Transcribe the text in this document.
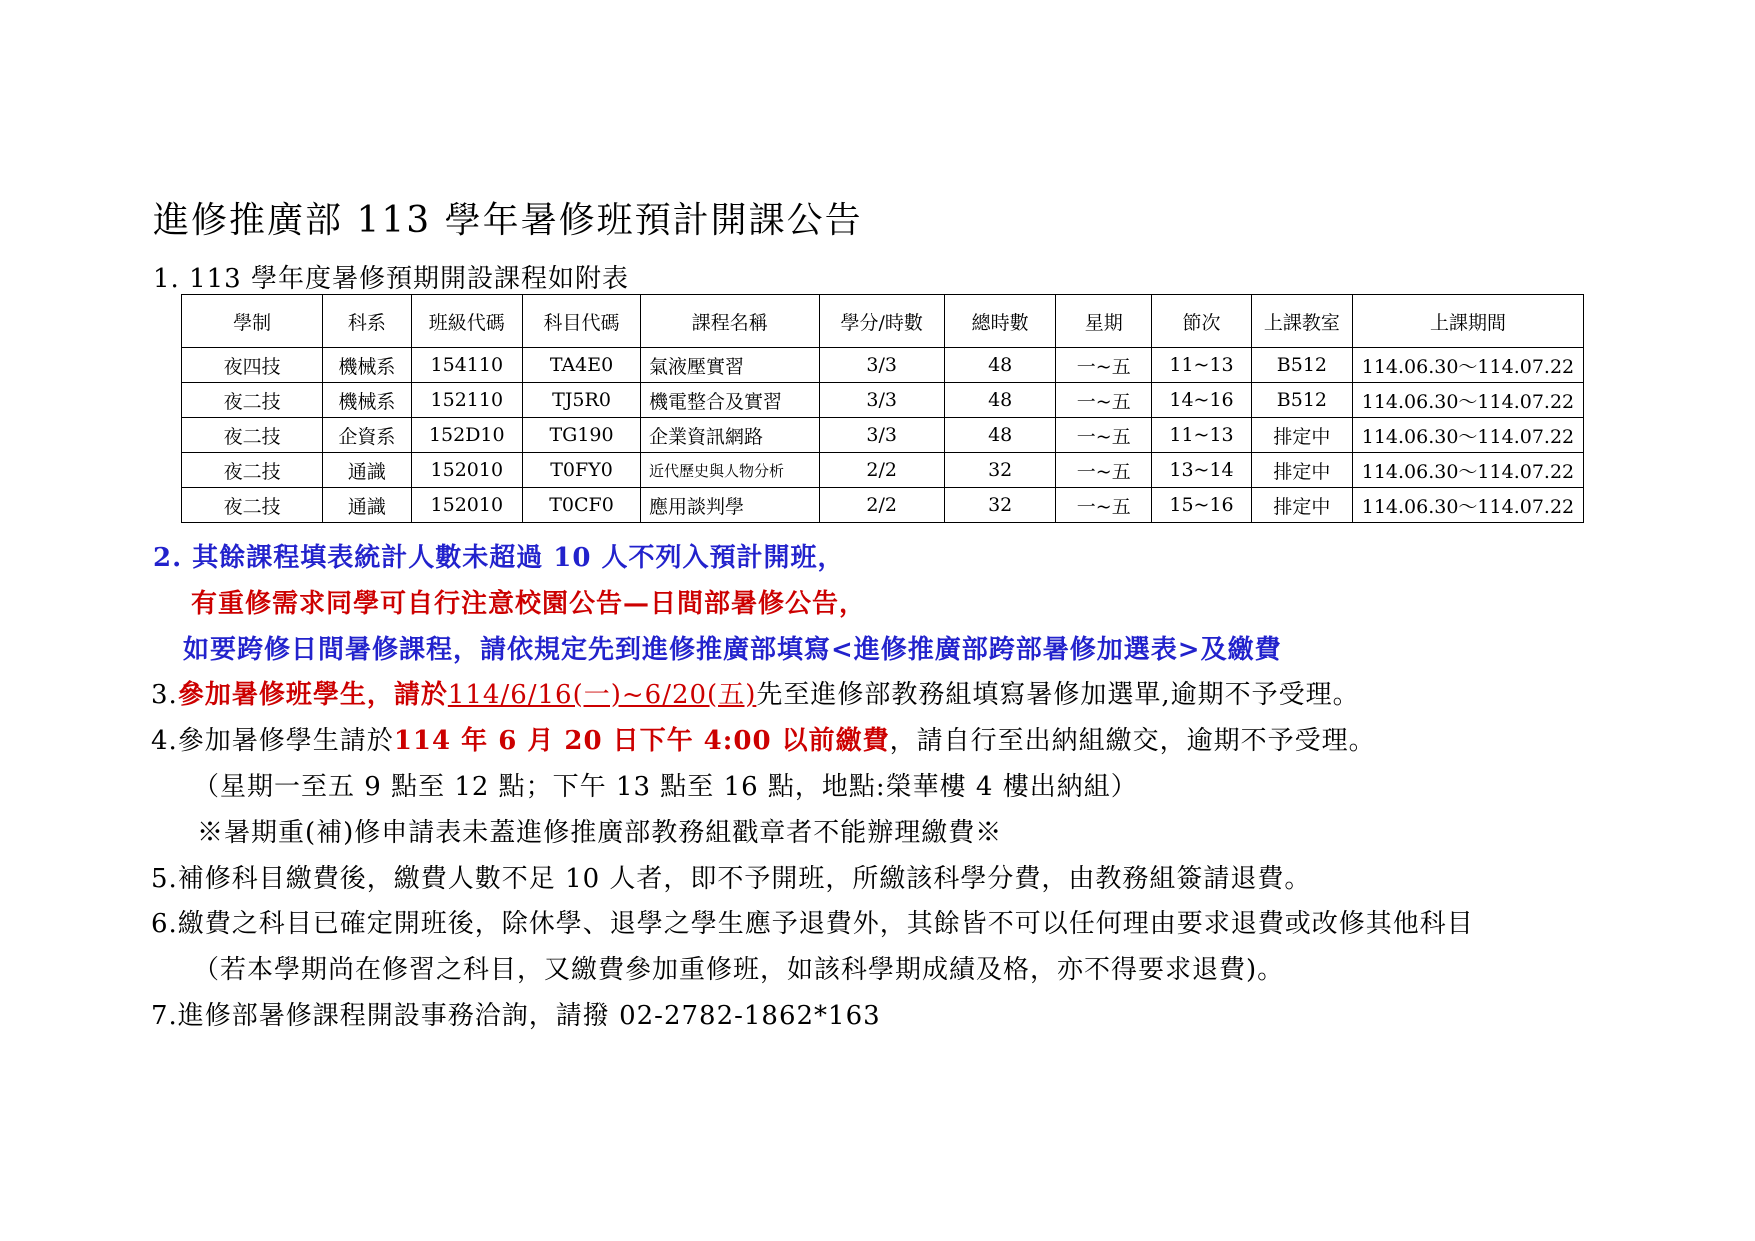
進修推廣部 113 學年暑修班預計開課公告
1. 113 學年度暑修預期開設課程如附表
學制	科系	班級代碼	科目代碼	課程名稱	學分/時數	總時數	星期	節次	上課教室	上課期間
夜四技	機械系	154110	TA4E0	氣液壓實習	3/3	48	一~五	11~13	B512	114.06.30～114.07.22
夜二技	機械系	152110	TJ5R0	機電整合及實習	3/3	48	一~五	14~16	B512	114.06.30～114.07.22
夜二技	企資系	152D10	TG190	企業資訊網路	3/3	48	一~五	11~13	排定中	114.06.30～114.07.22
夜二技	通識	152010	T0FY0	近代歷史與人物分析	2/2	32	一~五	13~14	排定中	114.06.30～114.07.22
夜二技	通識	152010	T0CF0	應用談判學	2/2	32	一~五	15~16	排定中	114.06.30～114.07.22
2. 其餘課程填表統計人數未超過 10 人不列入預計開班，
有重修需求同學可自行注意校園公告—日間部暑修公告，
如要跨修日間暑修課程，請依規定先到進修推廣部填寫<進修推廣部跨部暑修加選表>及繳費
3.參加暑修班學生，請於114/6/16(一)~6/20(五)先至進修部教務組填寫暑修加選單,逾期不予受理。
4.參加暑修學生請於114 年 6 月 20 日下午 4:00 以前繳費，請自行至出納組繳交，逾期不予受理。
（星期一至五 9 點至 12 點；下午 13 點至 16 點，地點:榮華樓 4 樓出納組）
※暑期重(補)修申請表未蓋進修推廣部教務組戳章者不能辦理繳費※
5.補修科目繳費後，繳費人數不足 10 人者，即不予開班，所繳該科學分費，由教務組簽請退費。
6.繳費之科目已確定開班後，除休學、退學之學生應予退費外，其餘皆不可以任何理由要求退費或改修其他科目
（若本學期尚在修習之科目，又繳費參加重修班，如該科學期成績及格，亦不得要求退費)。
7.進修部暑修課程開設事務洽詢，請撥 02-2782-1862*163
